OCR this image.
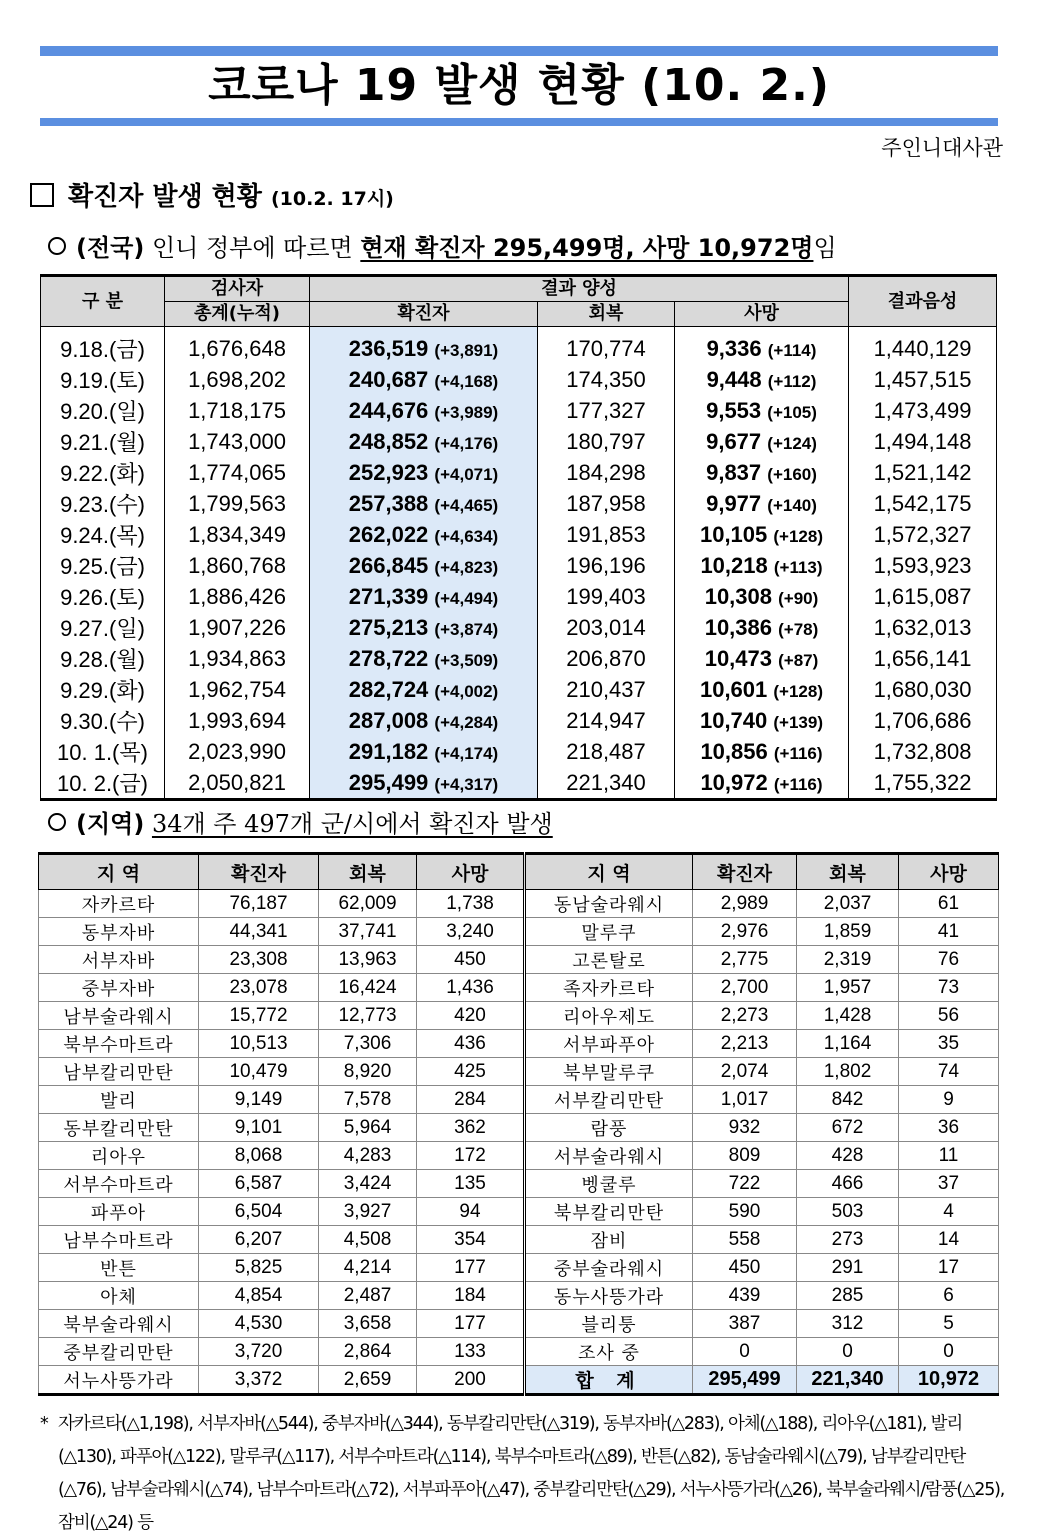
코로나 19 발생 현황 (10. 2.)
주인니대사관
확진자 발생 현황 (10.2. 17시)
(전국) 인니 정부에 따르면 현재 확진자 295,499명, 사망 10,972명임
구 분	검사자	결과 양성			결과음성
	총계(누적)	확진자	회복	사망	
9.18.(금)	1,676,648	236,519 (+3,891)	170,774	9,336 (+114)	1,440,129
9.19.(토)	1,698,202	240,687 (+4,168)	174,350	9,448 (+112)	1,457,515
9.20.(일)	1,718,175	244,676 (+3,989)	177,327	9,553 (+105)	1,473,499
9.21.(월)	1,743,000	248,852 (+4,176)	180,797	9,677 (+124)	1,494,148
9.22.(화)	1,774,065	252,923 (+4,071)	184,298	9,837 (+160)	1,521,142
9.23.(수)	1,799,563	257,388 (+4,465)	187,958	9,977 (+140)	1,542,175
9.24.(목)	1,834,349	262,022 (+4,634)	191,853	10,105 (+128)	1,572,327
9.25.(금)	1,860,768	266,845 (+4,823)	196,196	10,218 (+113)	1,593,923
9.26.(토)	1,886,426	271,339 (+4,494)	199,403	10,308 (+90)	1,615,087
9.27.(일)	1,907,226	275,213 (+3,874)	203,014	10,386 (+78)	1,632,013
9.28.(월)	1,934,863	278,722 (+3,509)	206,870	10,473 (+87)	1,656,141
9.29.(화)	1,962,754	282,724 (+4,002)	210,437	10,601 (+128)	1,680,030
9.30.(수)	1,993,694	287,008 (+4,284)	214,947	10,740 (+139)	1,706,686
10. 1.(목)	2,023,990	291,182 (+4,174)	218,487	10,856 (+116)	1,732,808
10. 2.(금)	2,050,821	295,499 (+4,317)	221,340	10,972 (+116)	1,755,322
(지역) 34개 주 497개 군/시에서 확진자 발생
지 역	확진자	회복	사망	지 역	확진자	회복	사망
자카르타	76,187	62,009	1,738	동남술라웨시	2,989	2,037	61
동부자바	44,341	37,741	3,240	말루쿠	2,976	1,859	41
서부자바	23,308	13,963	450	고론탈로	2,775	2,319	76
중부자바	23,078	16,424	1,436	족자카르타	2,700	1,957	73
남부술라웨시	15,772	12,773	420	리아우제도	2,273	1,428	56
북부수마트라	10,513	7,306	436	서부파푸아	2,213	1,164	35
남부칼리만탄	10,479	8,920	425	북부말루쿠	2,074	1,802	74
발리	9,149	7,578	284	서부칼리만탄	1,017	842	9
동부칼리만탄	9,101	5,964	362	람풍	932	672	36
리아우	8,068	4,283	172	서부술라웨시	809	428	11
서부수마트라	6,587	3,424	135	벵쿨루	722	466	37
파푸아	6,504	3,927	94	북부칼리만탄	590	503	4
남부수마트라	6,207	4,508	354	잠비	558	273	14
반튼	5,825	4,214	177	중부술라웨시	450	291	17
아체	4,854	2,487	184	동누사뜽가라	439	285	6
북부술라웨시	4,530	3,658	177	블리퉁	387	312	5
중부칼리만탄	3,720	2,864	133	조사 중	0	0	0
서누사뜽가라	3,372	2,659	200	합 계	295,499	221,340	10,972
* 자카르타(△1,198), 서부자바(△544), 중부자바(△344), 동부칼리만탄(△319), 동부자바(△283), 아체(△188), 리아우(△181), 발리(△130), 파푸아(△122), 말루쿠(△117), 서부수마트라(△114), 북부수마트라(△89), 반튼(△82), 동남술라웨시(△79), 남부칼리만탄(△76), 남부술라웨시(△74), 남부수마트라(△72), 서부파푸아(△47), 중부칼리만탄(△29), 서누사뜽가라(△26), 북부술라웨시/람풍(△25), 잠비(△24) 등
